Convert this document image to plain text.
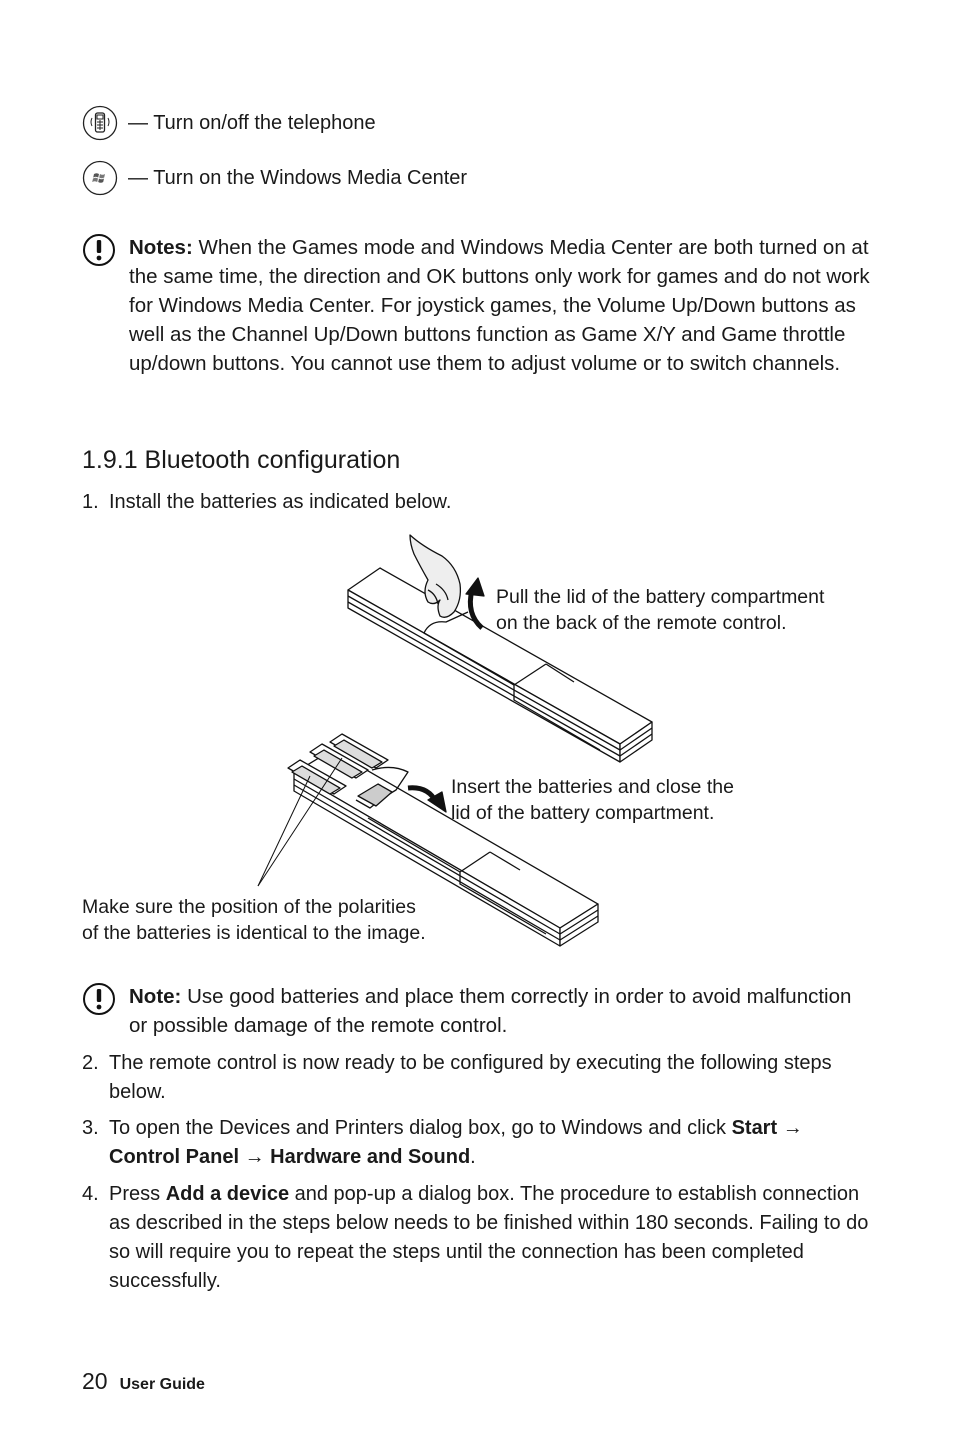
— Turn on/off the telephone
— Turn on the Windows Media Center
Notes: When the Games mode and Windows Media Center are both turned on at the same time, the direction and OK buttons only work for games and do not work for Windows Media Center. For joystick games, the Volume Up/Down buttons as well as the Channel Up/Down buttons function as Game X/Y and Game throttle up/down buttons. You cannot use them to adjust volume or to switch channels.
1.9.1 Bluetooth configuration
1. Install the batteries as indicated below.
Pull the lid of the battery compartment
on the back of the remote control.
Insert the batteries and close the
lid of the battery compartment.
Make sure the position of the polarities
of the batteries is identical to the image.
Note: Use good batteries and place them correctly in order to avoid malfunction or possible damage of the remote control.
2. The remote control is now ready to be configured by executing the following steps below.
3. To open the Devices and Printers dialog box, go to Windows and click Start → Control Panel → Hardware and Sound.
4. Press Add a device and pop-up a dialog box. The procedure to establish connection as described in the steps below needs to be finished within 180 seconds. Failing to do so will require you to repeat the steps until the connection has been completed successfully.
20 User Guide
